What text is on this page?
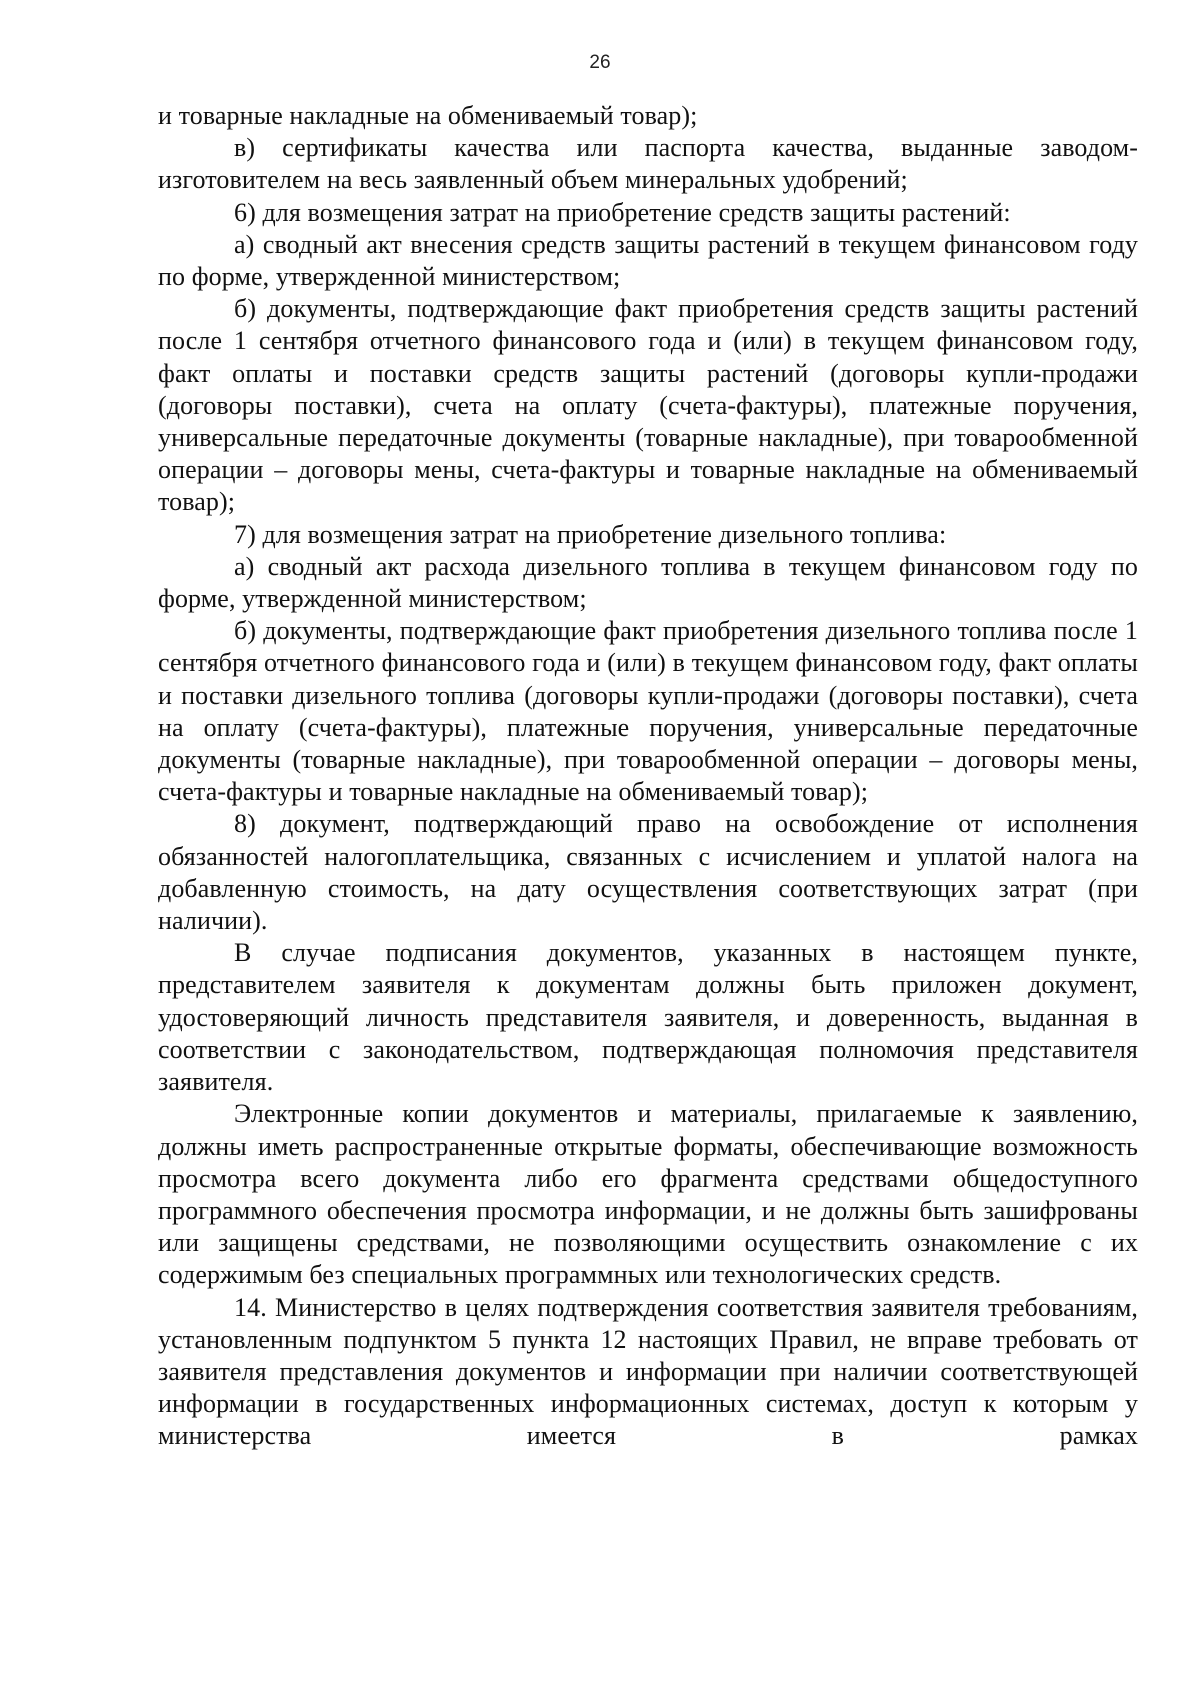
26

и товарные накладные на обмениваемый товар);

в) сертификаты качества или паспорта качества, выданные заводом-изготовителем на весь заявленный объем минеральных удобрений;

6) для возмещения затрат на приобретение средств защиты растений:

а) сводный акт внесения средств защиты растений в текущем финансовом году по форме, утвержденной министерством;

б) документы, подтверждающие факт приобретения средств защиты растений после 1 сентября отчетного финансового года и (или) в текущем финансовом году, факт оплаты и поставки средств защиты растений (договоры купли-продажи (договоры поставки), счета на оплату (счета-фактуры), платежные поручения, универсальные передаточные документы (товарные накладные), при товарообменной операции – договоры мены, счета-фактуры и товарные накладные на обмениваемый товар);

7) для возмещения затрат на приобретение дизельного топлива:

а) сводный акт расхода дизельного топлива в текущем финансовом году по форме, утвержденной министерством;

б) документы, подтверждающие факт приобретения дизельного топлива после 1 сентября отчетного финансового года и (или) в текущем финансовом году, факт оплаты и поставки дизельного топлива (договоры купли-продажи (договоры поставки), счета на оплату (счета-фактуры), платежные поручения, универсальные передаточные документы (товарные накладные), при товарообменной операции – договоры мены, счета-фактуры и товарные накладные на обмениваемый товар);

8) документ, подтверждающий право на освобождение от исполнения обязанностей налогоплательщика, связанных с исчислением и уплатой налога на добавленную стоимость, на дату осуществления соответствующих затрат (при наличии).

В случае подписания документов, указанных в настоящем пункте, представителем заявителя к документам должны быть приложен документ, удостоверяющий личность представителя заявителя, и доверенность, выданная в соответствии с законодательством, подтверждающая полномочия представителя заявителя.

Электронные копии документов и материалы, прилагаемые к заявлению, должны иметь распространенные открытые форматы, обеспечивающие возможность просмотра всего документа либо его фрагмента средствами общедоступного программного обеспечения просмотра информации, и не должны быть зашифрованы или защищены средствами, не позволяющими осуществить ознакомление с их содержимым без специальных программных или технологических средств.

14. Министерство в целях подтверждения соответствия заявителя требованиям, установленным подпунктом 5 пункта 12 настоящих Правил, не вправе требовать от заявителя представления документов и информации при наличии соответствующей информации в государственных информационных системах, доступ к которым у министерства имеется в рамках
